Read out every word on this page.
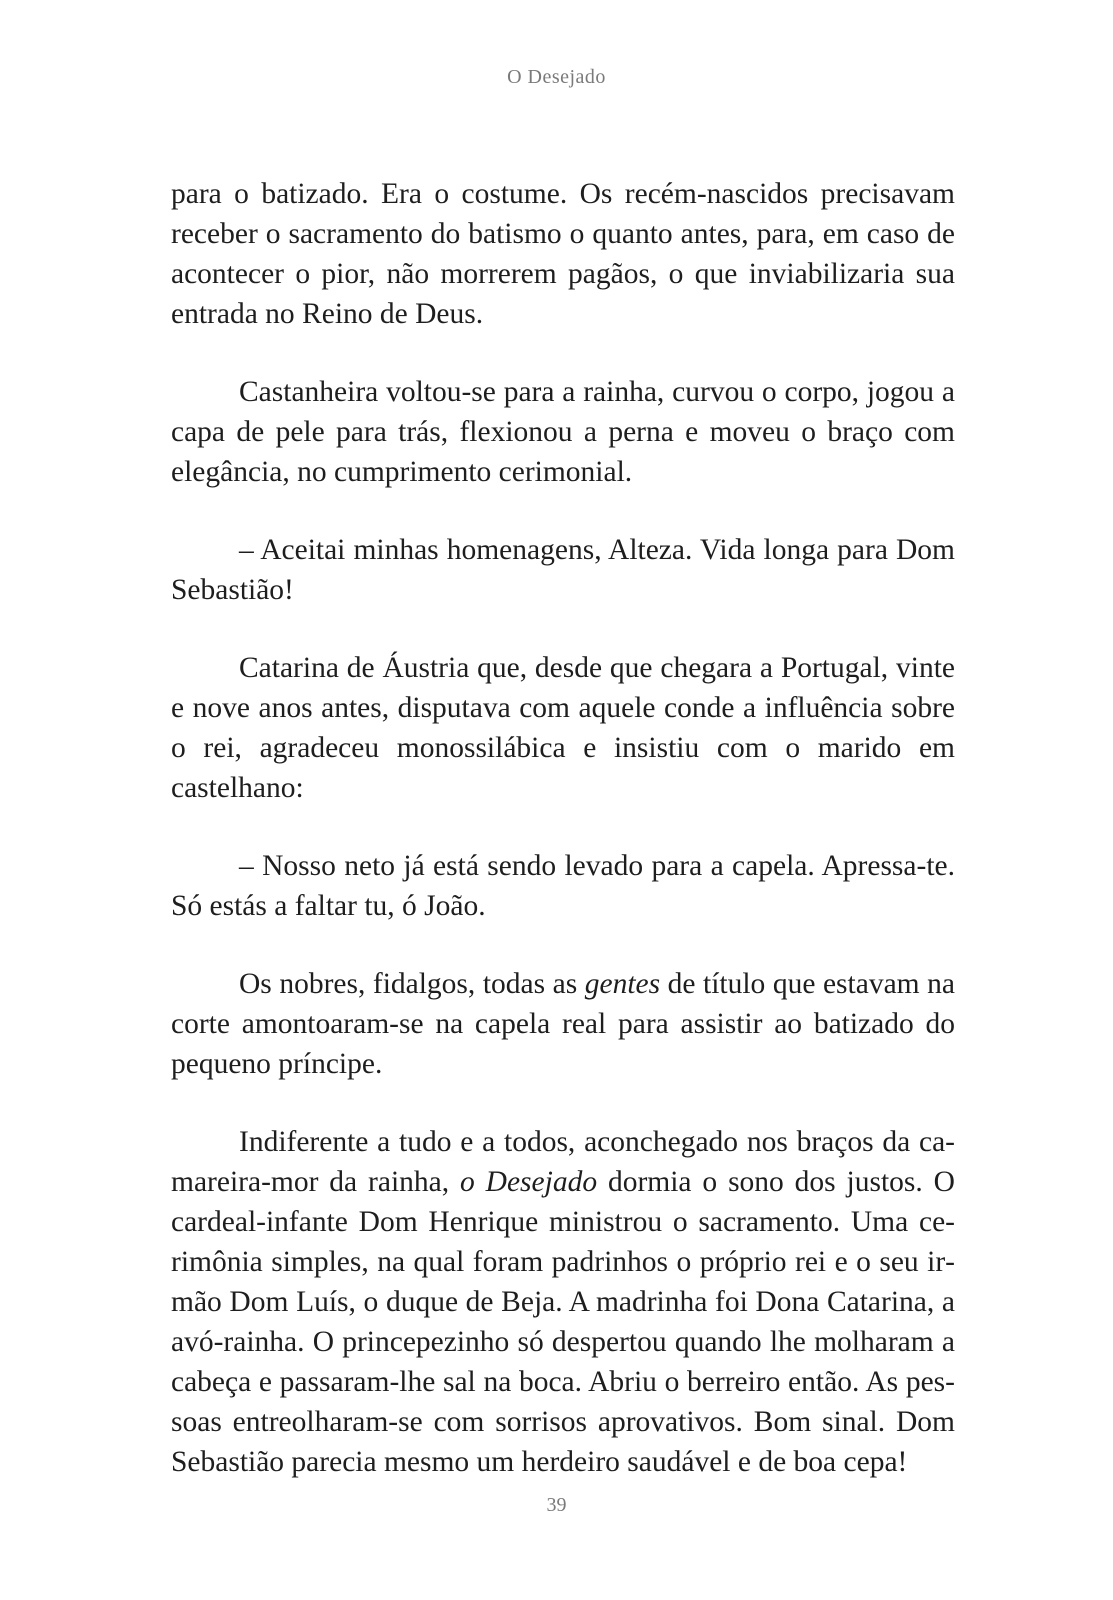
O Desejado

para o batizado. Era o costume. Os recém-nascidos precisavam receber o sacramento do batismo o quanto antes, para, em caso de acontecer o pior, não morrerem pagãos, o que inviabilizaria sua entrada no Reino de Deus.

Castanheira voltou-se para a rainha, curvou o corpo, jogou a capa de pele para trás, flexionou a perna e moveu o braço com elegância, no cumprimento cerimonial.

– Aceitai minhas homenagens, Alteza. Vida longa para Dom Sebastião!

Catarina de Áustria que, desde que chegara a Portugal, vinte e nove anos antes, disputava com aquele conde a influência sobre o rei, agradeceu monossilábica e insistiu com o marido em castelhano:

– Nosso neto já está sendo levado para a capela. Apressa-te. Só estás a faltar tu, ó João.

Os nobres, fidalgos, todas as gentes de título que estavam na corte amontoaram-se na capela real para assistir ao batizado do pequeno príncipe.

Indiferente a tudo e a todos, aconchegado nos braços da camareira-mor da rainha, o Desejado dormia o sono dos justos. O cardeal-infante Dom Henrique ministrou o sacramento. Uma cerimônia simples, na qual foram padrinhos o próprio rei e o seu irmão Dom Luís, o duque de Beja. A madrinha foi Dona Catarina, a avó-rainha. O princepezinho só despertou quando lhe molharam a cabeça e passaram-lhe sal na boca. Abriu o berreiro então. As pessoas entreolharam-se com sorrisos aprovativos. Bom sinal. Dom Sebastião parecia mesmo um herdeiro saudável e de boa cepa!

39
